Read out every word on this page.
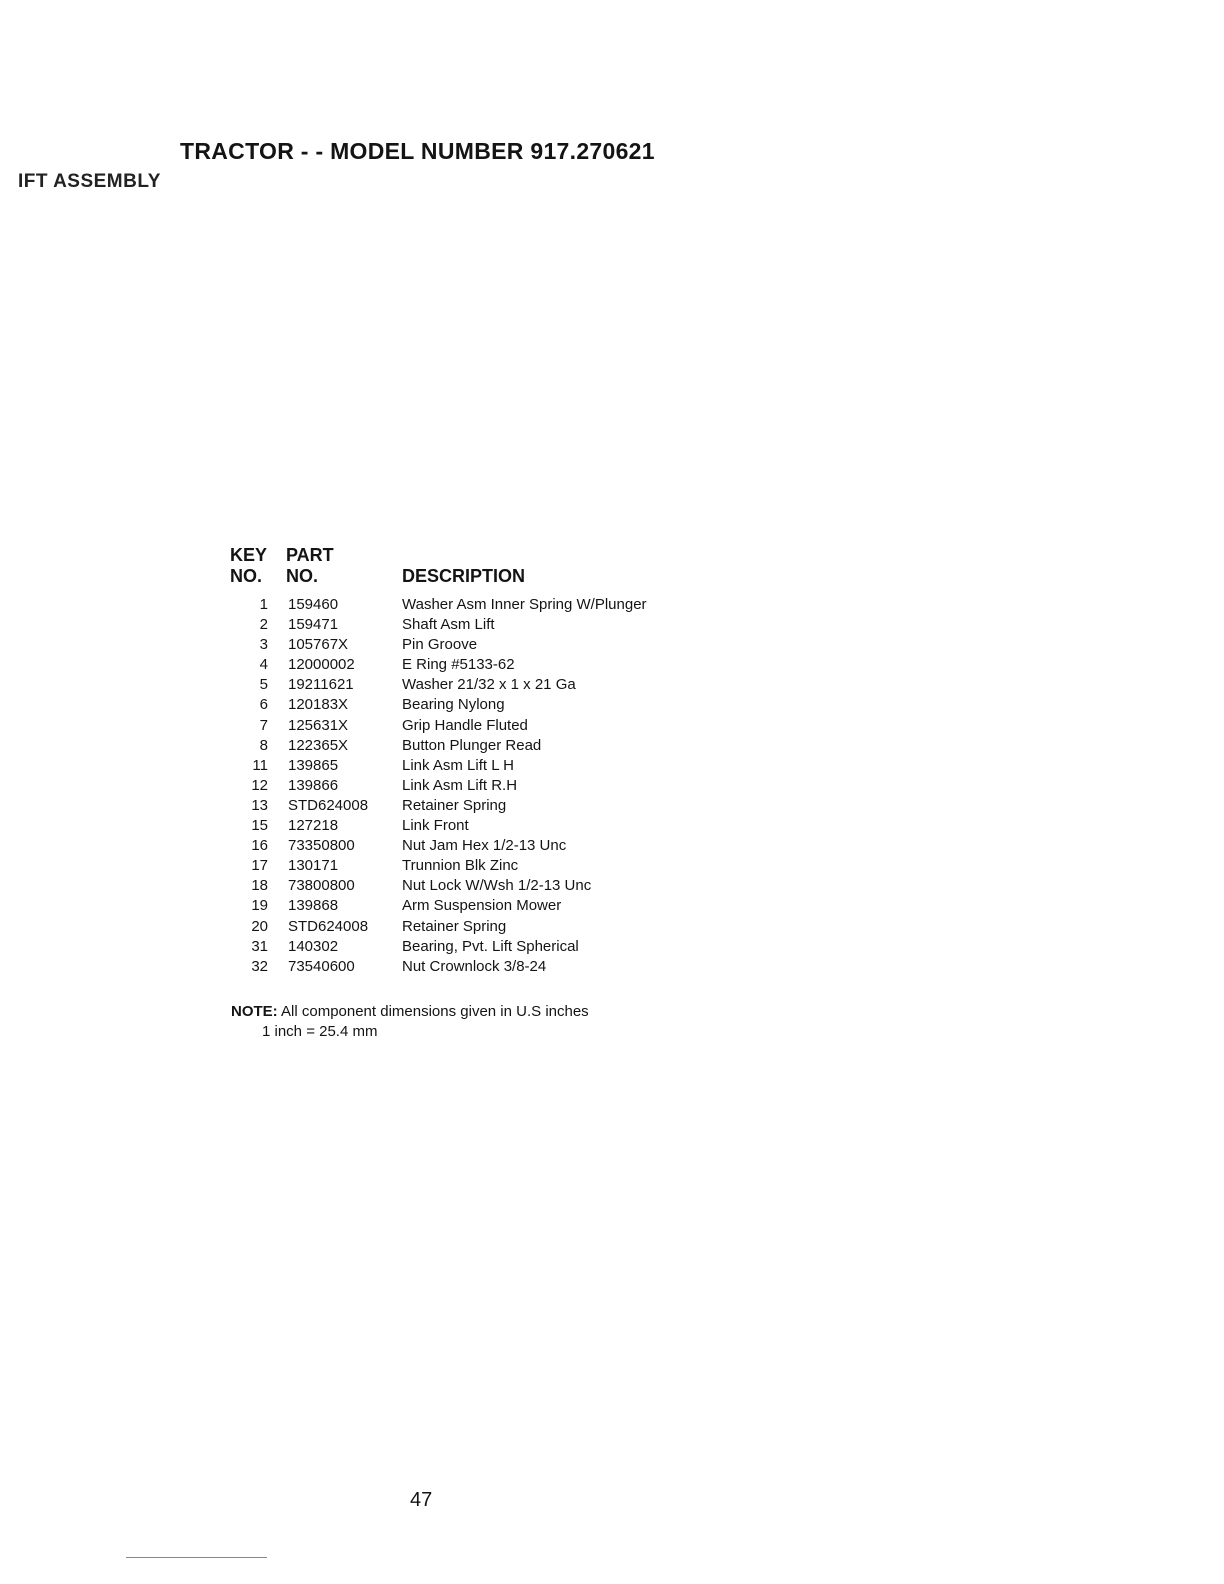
TRACTOR - - MODEL NUMBER 917.270621
IFT ASSEMBLY
KEY
NO.
PART
NO.	DESCRIPTION
1 159460	Washer Asm Inner Spring W/Plunger
2 159471	Shaft Asm Lift
3 105767X	Pin Groove
4 12000002	E Ring #5133-62
5 19211621	Washer 21/32 x 1 x 21 Ga
6 120183X	Bearing Nylong
7 125631X	Grip Handle Fluted
8 122365X	Button Plunger Read
11 139865	Link Asm Lift L H
12 139866	Link Asm Lift R.H
13 STD624008 Retainer Spring
15 127218	Link Front
16 73350800	Nut Jam Hex 1/2-13 Unc
17 130171	Trunnion Blk Zinc
18 73800800	Nut Lock W/Wsh 1/2-13 Unc
19 139868	Arm Suspension Mower
20 STD624008 Retainer Spring
31 140302	Bearing, Pvt. Lift Spherical
32 73540600	Nut Crownlock 3/8-24
NOTE: All component dimensions given in U.S inches
1 inch = 25.4 mm
47
